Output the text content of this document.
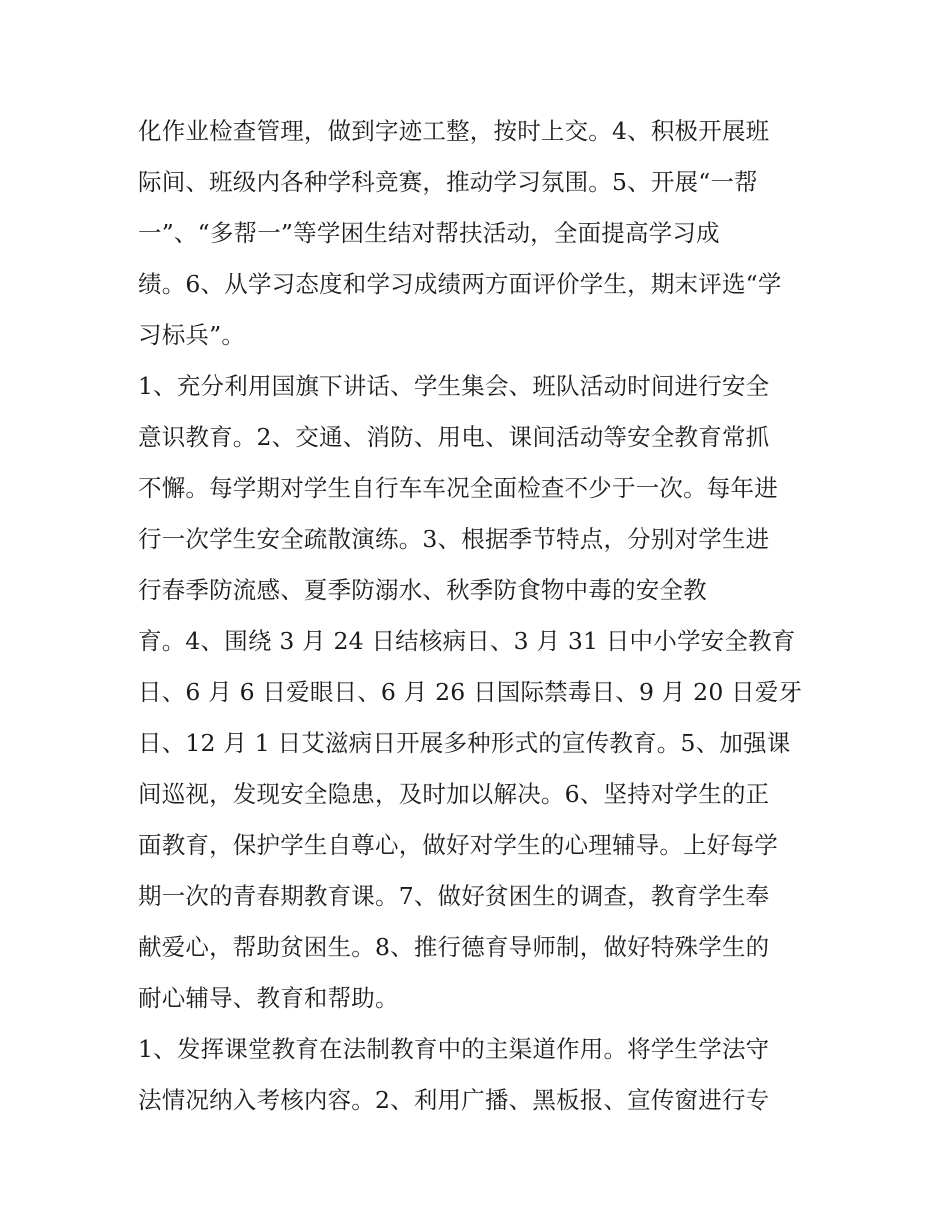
化作业检查管理，做到字迹工整，按时上交。4、积极开展班
际间、班级内各种学科竞赛，推动学习氛围。5、开展“一帮
一”、“多帮一”等学困生结对帮扶活动，全面提高学习成
绩。6、从学习态度和学习成绩两方面评价学生，期末评选“学
习标兵”。
1、充分利用国旗下讲话、学生集会、班队活动时间进行安全
意识教育。2、交通、消防、用电、课间活动等安全教育常抓
不懈。每学期对学生自行车车况全面检查不少于一次。每年进
行一次学生安全疏散演练。3、根据季节特点，分别对学生进
行春季防流感、夏季防溺水、秋季防食物中毒的安全教
育。4、围绕 3 月 24 日结核病日、3 月 31 日中小学安全教育
日、6 月 6 日爱眼日、6 月 26 日国际禁毒日、9 月 20 日爱牙
日、12 月 1 日艾滋病日开展多种形式的宣传教育。5、加强课
间巡视，发现安全隐患，及时加以解决。6、坚持对学生的正
面教育，保护学生自尊心，做好对学生的心理辅导。上好每学
期一次的青春期教育课。7、做好贫困生的调查，教育学生奉
献爱心，帮助贫困生。8、推行德育导师制，做好特殊学生的
耐心辅导、教育和帮助。
1、发挥课堂教育在法制教育中的主渠道作用。将学生学法守
法情况纳入考核内容。2、利用广播、黑板报、宣传窗进行专
